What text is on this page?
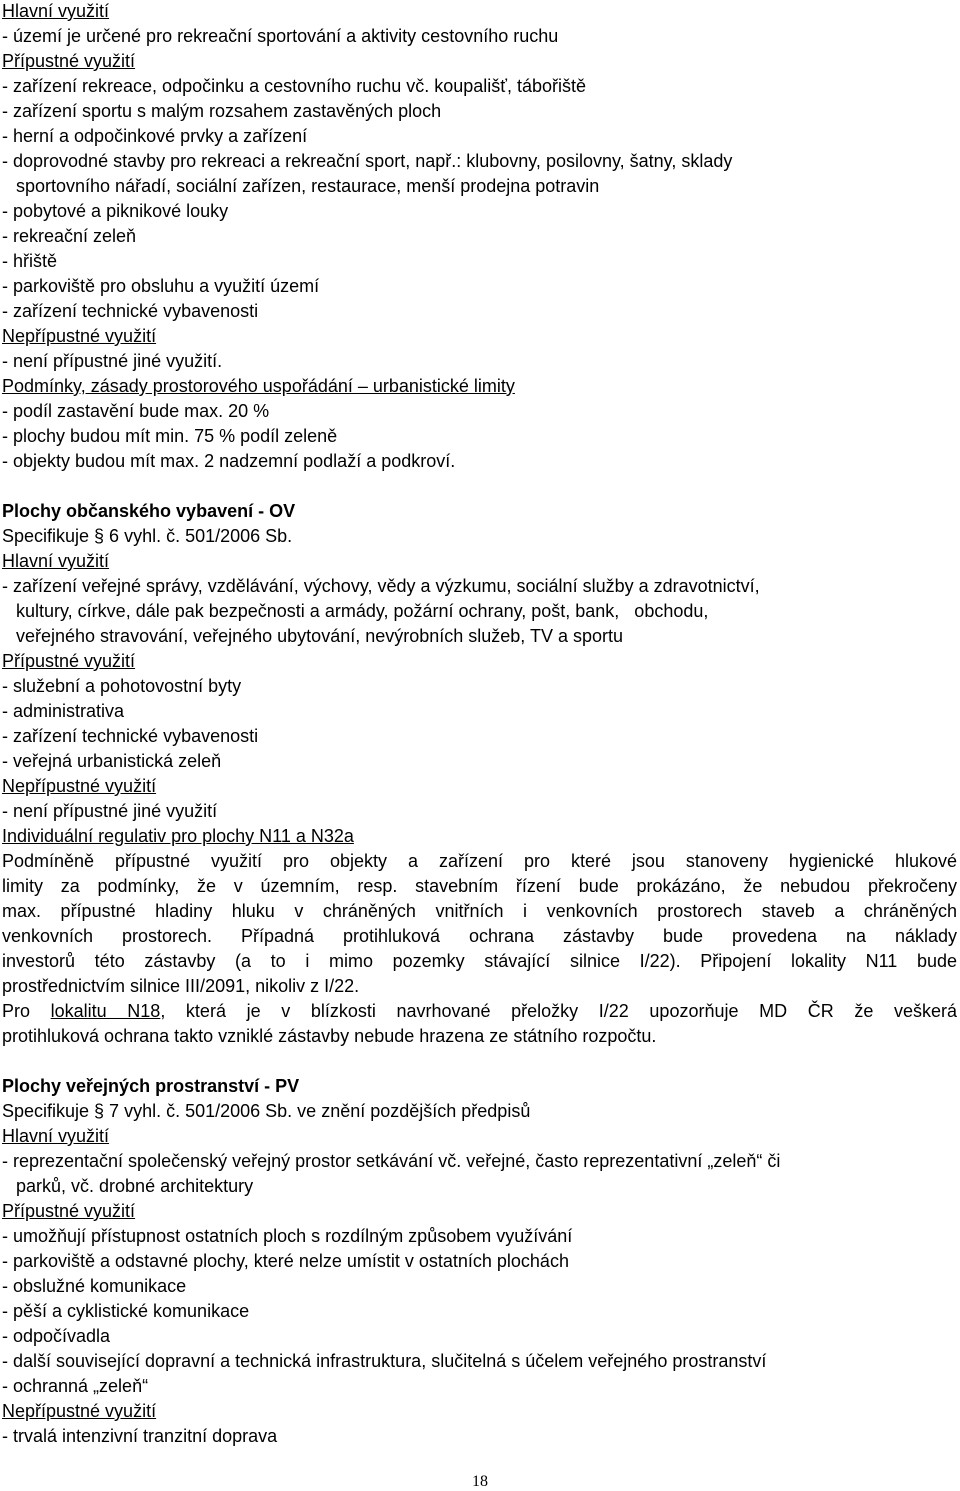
Hlavní využití
- území je určené pro rekreační sportování a aktivity cestovního ruchu
Přípustné využití
- zařízení rekreace, odpočinku a cestovního ruchu vč. koupališť, tábořiště
- zařízení sportu s malým rozsahem zastavěných ploch
- herní a odpočinkové prvky a zařízení
- doprovodné stavby pro rekreaci a rekreační sport, např.: klubovny, posilovny, šatny, sklady
sportovního nářadí, sociální zařízen, restaurace, menší prodejna potravin
- pobytové a piknikové louky
- rekreační zeleň
- hřiště
- parkoviště pro obsluhu a využití území
- zařízení technické vybavenosti
Nepřípustné využití
- není přípustné jiné využití.
Podmínky, zásady prostorového uspořádání – urbanistické limity
- podíl zastavění bude max. 20 %
- plochy budou mít min. 75 % podíl zeleně
- objekty budou mít max. 2 nadzemní podlaží a podkroví.
Plochy občanského vybavení - OV
Specifikuje § 6 vyhl. č. 501/2006 Sb.
Hlavní využití
- zařízení veřejné správy, vzdělávání, výchovy, vědy a výzkumu, sociální služby a zdravotnictví,
kultury, církve, dále pak bezpečnosti a armády, požární ochrany, pošt, bank,   obchodu,
veřejného stravování, veřejného ubytování, nevýrobních služeb, TV a sportu
Přípustné využití
- služební a pohotovostní byty
- administrativa
- zařízení technické vybavenosti
- veřejná urbanistická zeleň
Nepřípustné využití
- není přípustné jiné využití
Individuální regulativ pro plochy N11 a N32a
Podmíněně přípustné využití pro objekty a zařízení pro které jsou stanoveny hygienické hlukové
limity za podmínky, že v územním, resp. stavebním řízení bude prokázáno, že nebudou překročeny
max. přípustné hladiny hluku v chráněných vnitřních i venkovních prostorech staveb a chráněných
venkovních prostorech. Případná protihluková ochrana zástavby bude provedena na náklady
investorů této zástavby (a to i mimo pozemky stávající silnice I/22). Připojení lokality N11 bude
prostřednictvím silnice III/2091, nikoliv z I/22.
Pro lokalitu N18, která je v blízkosti navrhované přeložky I/22 upozorňuje MD ČR že veškerá
protihluková ochrana takto vzniklé zástavby nebude hrazena ze státního rozpočtu.
Plochy veřejných prostranství - PV
Specifikuje § 7 vyhl. č. 501/2006 Sb. ve znění pozdějších předpisů
Hlavní využití
- reprezentační společenský veřejný prostor setkávání vč. veřejné, často reprezentativní „zeleň“ či
parků, vč. drobné architektury
Přípustné využití
- umožňují přístupnost ostatních ploch s rozdílným způsobem využívání
- parkoviště a odstavné plochy, které nelze umístit v ostatních plochách
- obslužné komunikace
- pěší a cyklistické komunikace
- odpočívadla
- další související dopravní a technická infrastruktura, slučitelná s účelem veřejného prostranství
- ochranná „zeleň“
Nepřípustné využití
- trvalá intenzivní tranzitní doprava
18
